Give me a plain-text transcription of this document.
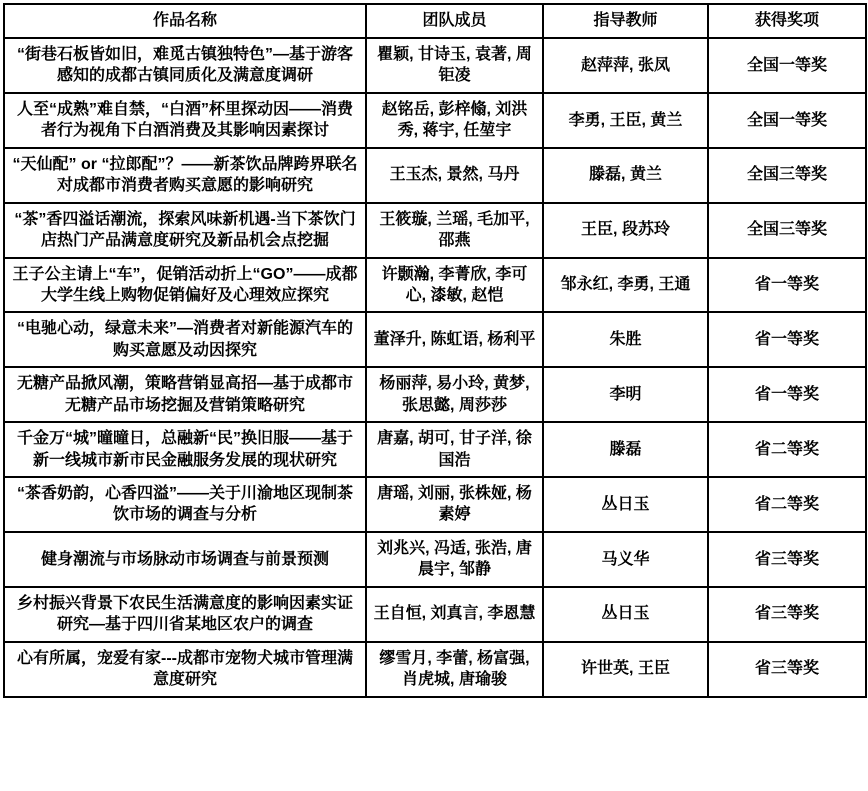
作品名称	团队成员	指导教师	获得奖项
“街巷石板皆如旧，难觅古镇独特色”—基于游客感知的成都古镇同质化及满意度调研	瞿颖, 甘诗玉, 袁著, 周钜凌	赵萍萍, 张凤	全国一等奖
人至“成熟”难自禁，“白酒”杯里探动因——消费者行为视角下白酒消费及其影响因素探讨	赵铭岳, 彭梓翛, 刘洪秀, 蒋宇, 任堃宇	李勇, 王臣, 黄兰	全国一等奖
“天仙配” or “拉郎配”？——新茶饮品牌跨界联名对成都市消费者购买意愿的影响研究	王玉杰, 景然, 马丹	滕磊, 黄兰	全国三等奖
“茶”香四溢话潮流，探索风味新机遇-当下茶饮门店热门产品满意度研究及新品机会点挖掘	王筱璇, 兰瑶, 毛加平, 邵燕	王臣, 段苏玲	全国三等奖
王子公主请上“车”，促销活动折上“GO”——成都大学生线上购物促销偏好及心理效应探究	许颢瀚, 李菁欣, 李可心, 漆敏, 赵恺	邹永红, 李勇, 王通	省一等奖
“电驰心动，绿意未来”—消费者对新能源汽车的购买意愿及动因探究	董泽升, 陈虹语, 杨利平	朱胜	省一等奖
无糖产品掀风潮，策略营销显高招—基于成都市无糖产品市场挖掘及营销策略研究	杨丽萍, 易小玲, 黄梦, 张思懿, 周莎莎	李明	省一等奖
千金万“城”曈曈日，总融新“民”换旧服——基于新一线城市新市民金融服务发展的现状研究	唐嘉, 胡可, 甘子洋, 徐国浩	滕磊	省二等奖
“茶香奶韵，心香四溢”——关于川渝地区现制茶饮市场的调查与分析	唐瑶, 刘丽, 张株娅, 杨素婷	丛日玉	省二等奖
健身潮流与市场脉动市场调查与前景预测	刘兆兴, 冯适, 张浩, 唐晨宇, 邹静	马义华	省三等奖
乡村振兴背景下农民生活满意度的影响因素实证研究—基于四川省某地区农户的调查	王自恒, 刘真言, 李恩慧	丛日玉	省三等奖
心有所属，宠爱有家---成都市宠物犬城市管理满意度研究	缪雪月, 李蕾, 杨富强, 肖虎城, 唐瑜骏	许世英, 王臣	省三等奖
